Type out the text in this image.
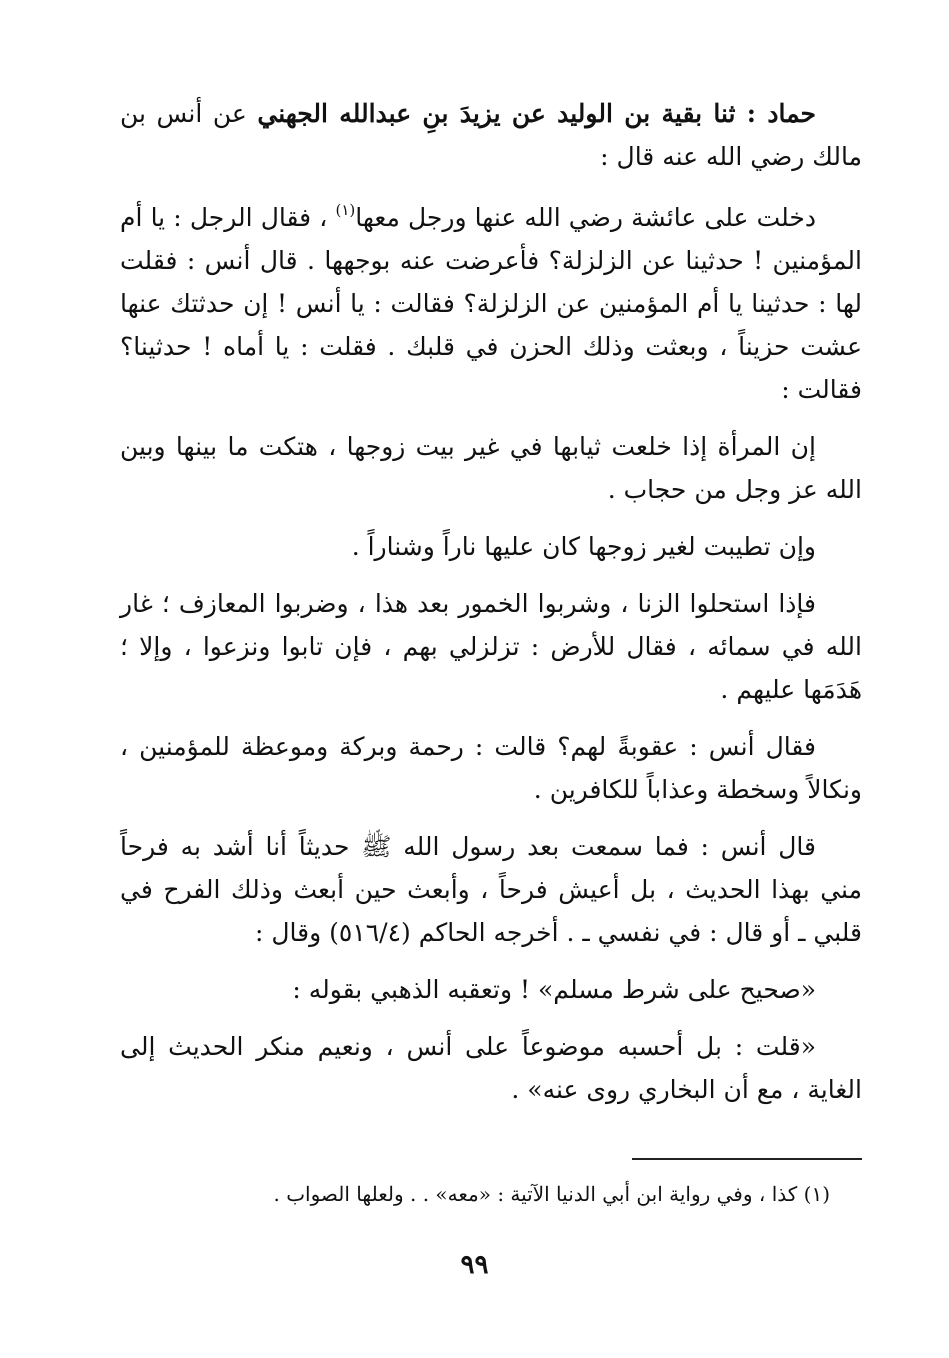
حماد : ثنا بقية بن الوليد عن يزيدَ بنِ عبدالله الجهني عن أنس بن مالك رضي الله عنه قال :

دخلت على عائشة رضي الله عنها ورجل معها$^{(١)}$ ، فقال الرجل : يا أم المؤمنين ! حدثينا عن الزلزلة؟ فأعرضت عنه بوجهها . قال أنس : فقلت لها : حدثينا يا أم المؤمنين عن الزلزلة؟ فقالت : يا أنس ! إن حدثتك عنها عشت حزيناً ، وبعثت وذلك الحزن في قلبك . فقلت : يا أماه ! حدثينا؟ فقالت :

إن المرأة إذا خلعت ثيابها في غير بيت زوجها ، هتكت ما بينها وبين الله عز وجل من حجاب .

وإن تطيبت لغير زوجها كان عليها ناراً وشناراً .

فإذا استحلوا الزنا ، وشربوا الخمور بعد هذا ، وضربوا المعازف ؛ غار الله في سمائه ، فقال للأرض : تزلزلي بهم ، فإن تابوا ونزعوا ، وإلا ؛ هَدَمَها عليهم .

فقال أنس : عقوبةً لهم؟ قالت : رحمة وبركة وموعظة للمؤمنين ، ونكالاً وسخطة وعذاباً للكافرين .

قال أنس : فما سمعت بعد رسول الله ﷺ حديثاً أنا أشد به فرحاً مني بهذا الحديث ، بل أعيش فرحاً ، وأبعث حين أبعث وذلك الفرح في قلبي ـ أو قال : في نفسي ـ . أخرجه الحاكم (٥١٦/٤) وقال :

«صحيح على شرط مسلم» ! وتعقبه الذهبي بقوله :

«قلت : بل أحسبه موضوعاً على أنس ، ونعيم منكر الحديث إلى الغاية ، مع أن البخاري روى عنه» .

(١) كذا ، وفي رواية ابن أبي الدنيا الآتية : «معه» . . ولعلها الصواب .
٩٩
